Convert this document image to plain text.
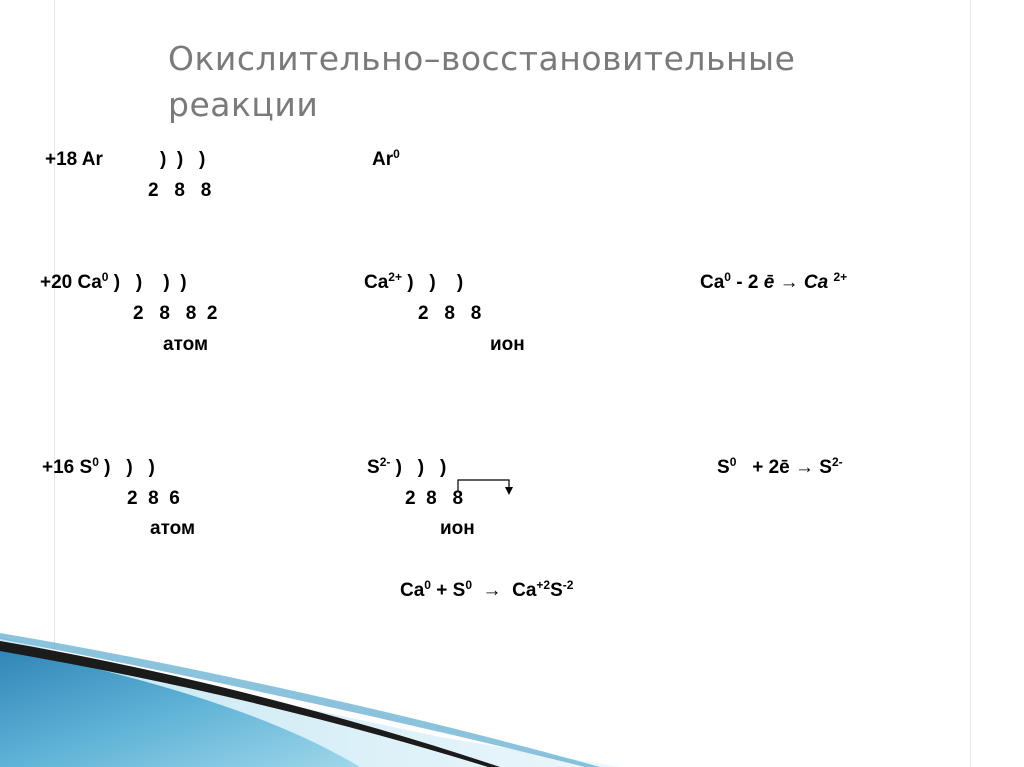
Окислительно–восстановительные реакции
+18 Ar	)  )   )
2   8   8
$Ar^0$
+20 Ca$^0$ )   )    )  )
2   8   8  2
атом
$Ca^{2+}$ )   )    )
2   8   8
ион
Ca$^0$ - 2 ē → Ca $^{2+}$
+16 $S^0$ )   )   )
2  8  6
атом
$S^{2-}$ )   )   )
2  8   8
ион
$S^0$   + 2ē → $S^{2-}$
$Ca^0 + S^0 \to Ca^{+2}S^{-2}$
